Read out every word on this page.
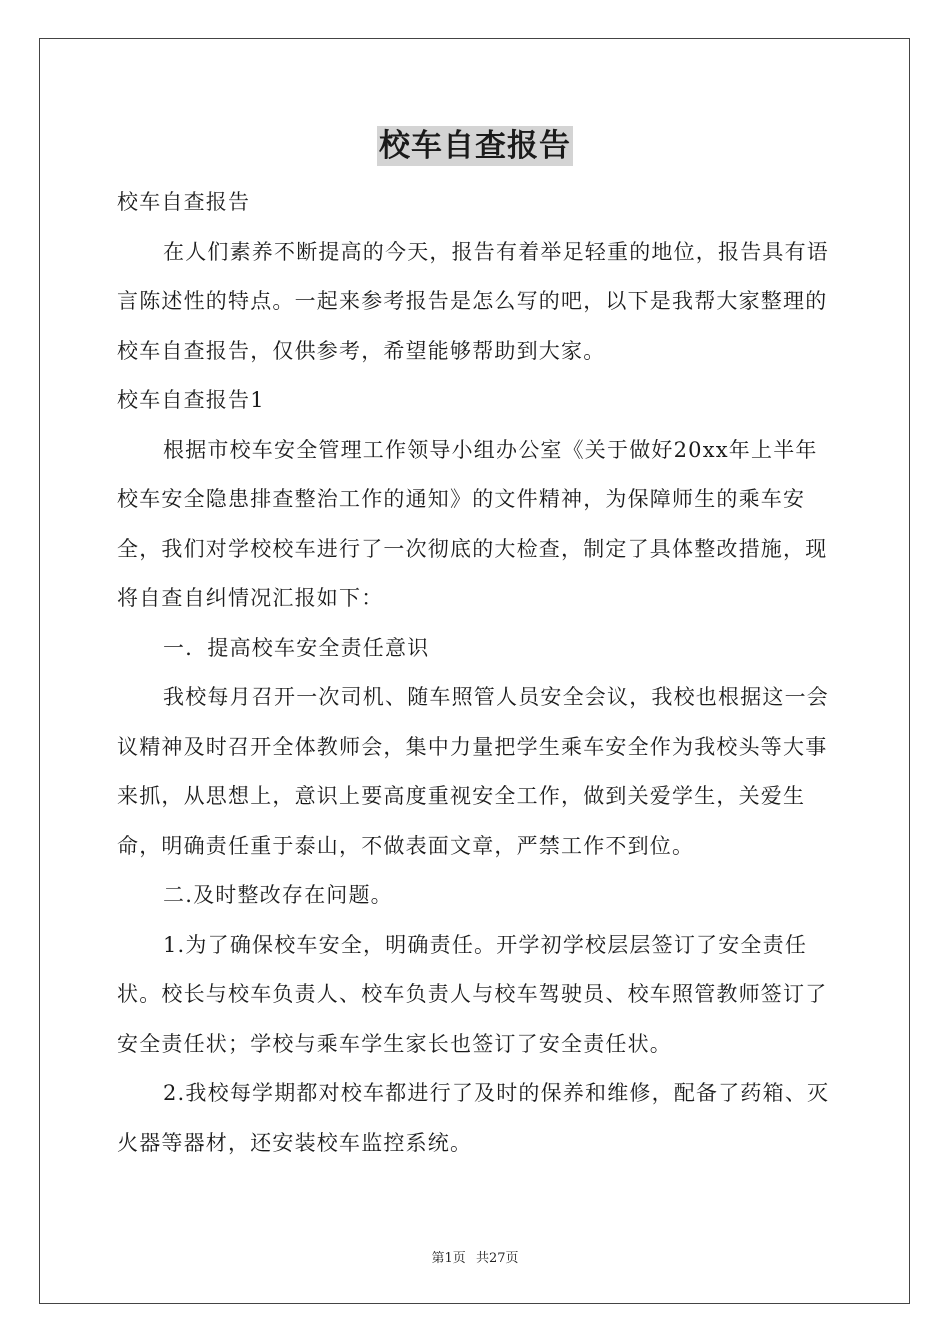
校车自查报告

校车自查报告

在人们素养不断提高的今天，报告有着举足轻重的地位，报告具有语言陈述性的特点。一起来参考报告是怎么写的吧，以下是我帮大家整理的校车自查报告，仅供参考，希望能够帮助到大家。

校车自查报告1

根据市校车安全管理工作领导小组办公室《关于做好20xx年上半年校车安全隐患排查整治工作的通知》的文件精神，为保障师生的乘车安全，我们对学校校车进行了一次彻底的大检查，制定了具体整改措施，现将自查自纠情况汇报如下：

一．提高校车安全责任意识

我校每月召开一次司机、随车照管人员安全会议，我校也根据这一会议精神及时召开全体教师会，集中力量把学生乘车安全作为我校头等大事来抓，从思想上，意识上要高度重视安全工作，做到关爱学生，关爱生命，明确责任重于泰山，不做表面文章，严禁工作不到位。

二.及时整改存在问题。

1.为了确保校车安全，明确责任。开学初学校层层签订了安全责任状。校长与校车负责人、校车负责人与校车驾驶员、校车照管教师签订了安全责任状；学校与乘车学生家长也签订了安全责任状。

2.我校每学期都对校车都进行了及时的保养和维修，配备了药箱、灭火器等器材，还安装校车监控系统。

第1页 共27页
